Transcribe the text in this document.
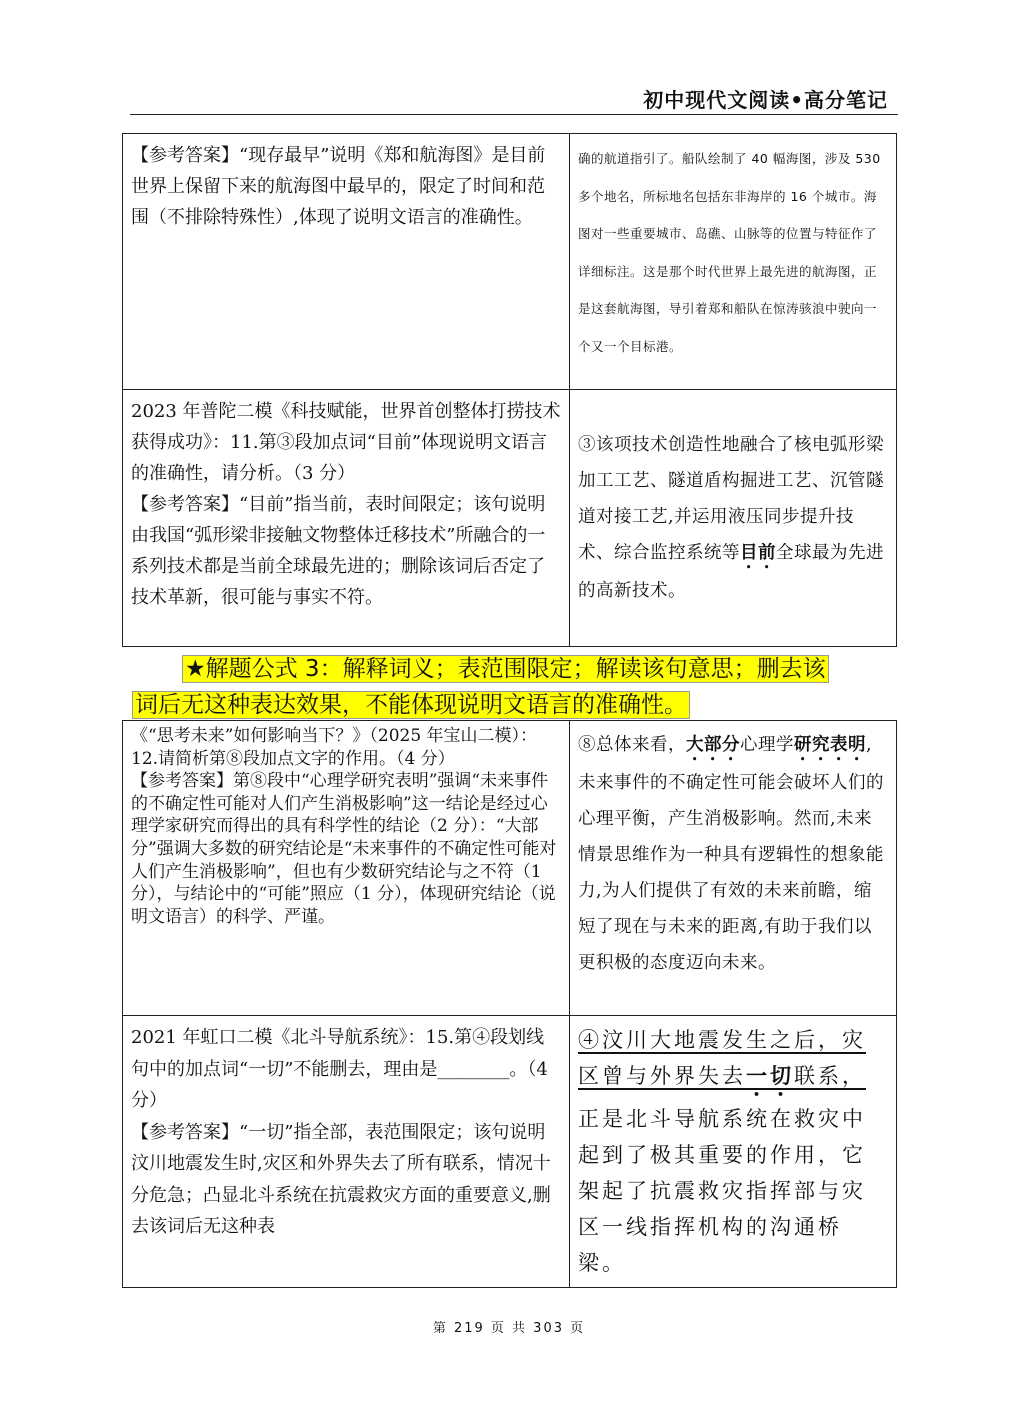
初中现代文阅读•高分笔记

【参考答案】“现存最早”说明《郑和航海图》是目前世界上保留下来的航海图中最早的，限定了时间和范围（不排除特殊性）,体现了说明文语言的准确性。	确的航道指引了。船队绘制了 40 幅海图，涉及 530 多个地名，所标地名包括东非海岸的 16 个城市。海图对一些重要城市、岛礁、山脉等的位置与特征作了详细标注。这是那个时代世界上最先进的航海图，正是这套航海图，导引着郑和船队在惊涛骇浪中驶向一个又一个目标港。

2023 年普陀二模《科技赋能，世界首创整体打捞技术获得成功》：11.第③段加点词“目前”体现说明文语言的准确性，请分析。（3 分）

【参考答案】“目前”指当前，表时间限定；该句说明由我国“弧形梁非接触文物整体迁移技术”所融合的一系列技术都是当前全球最先进的；删除该词后否定了技术革新，很可能与事实不符。	③该项技术创造性地融合了核电弧形梁加工工艺、隧道盾构掘进工艺、沉管隧道对接工艺,并运用液压同步提升技术、综合监控系统等目前全球最为先进的高新技术。

★解题公式 3：解释词义；表范围限定；解读该句意思；删去该
词后无这种表达效果，不能体现说明文语言的准确性。

《“思考未来”如何影响当下？》（2025 年宝山二模）：12.请简析第⑧段加点文字的作用。（4 分）

【参考答案】第⑧段中“心理学研究表明”强调“未来事件的不确定性可能对人们产生消极影响”这一结论是经过心理学家研究而得出的具有科学性的结论（2 分）：“大部分”强调大多数的研究结论是“未来事件的不确定性可能对人们产生消极影响”，但也有少数研究结论与之不符（1 分），与结论中的“可能”照应（1 分），体现研究结论（说明文语言）的科学、严谨。	⑧总体来看，大部分心理学研究表明,未来事件的不确定性可能会破坏人们的心理平衡，产生消极影响。然而,未来情景思维作为一种具有逻辑性的想象能力,为人们提供了有效的未来前瞻，缩短了现在与未来的距离,有助于我们以更积极的态度迈向未来。

2021 年虹口二模《北斗导航系统》：15.第④段划线句中的加点词“一切”不能删去，理由是________。（4 分）

【参考答案】“一切”指全部，表范围限定；该句说明汶川地震发生时,灾区和外界失去了所有联系，情况十分危急；凸显北斗系统在抗震救灾方面的重要意义,删去该词后无这种表	④汶川大地震发生之后，灾区曾与外界失去一切联系，正是北斗导航系统在救灾中起到了极其重要的作用，它架起了抗震救灾指挥部与灾区一线指挥机构的沟通桥梁。

第 219 页 共 303 页
